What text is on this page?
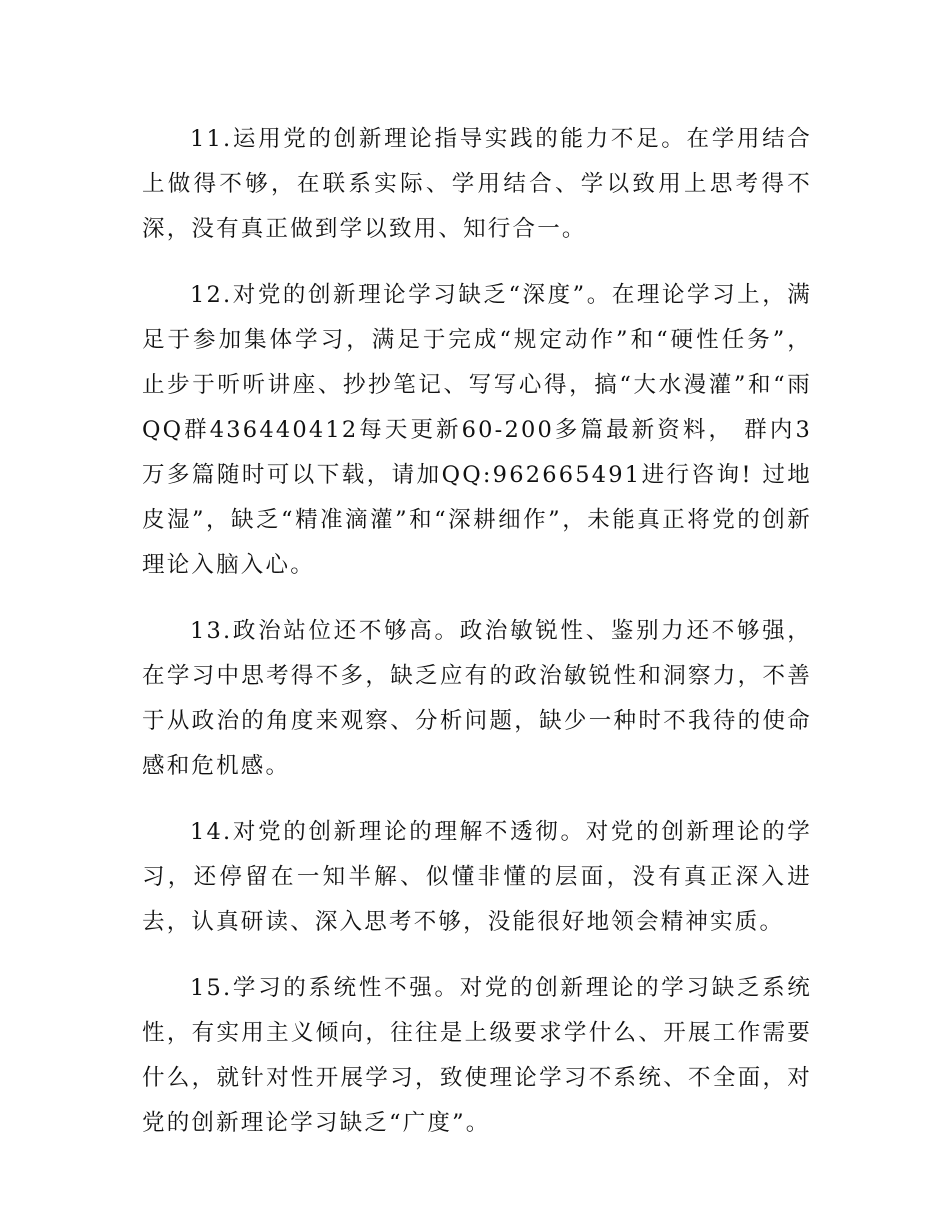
11.运用党的创新理论指导实践的能力不足。在学用结合上做得不够，在联系实际、学用结合、学以致用上思考得不深，没有真正做到学以致用、知行合一。

12.对党的创新理论学习缺乏“深度”。在理论学习上，满足于参加集体学习，满足于完成“规定动作”和“硬性任务”，止步于听听讲座、抄抄笔记、写写心得，搞“大水漫灌”和“雨QQ群436440412每天更新60-200多篇最新资料， 群内3万多篇随时可以下载，请加QQ:962665491进行咨询! 过地皮湿”，缺乏“精准滴灌”和“深耕细作”，未能真正将党的创新理论入脑入心。

13.政治站位还不够高。政治敏锐性、鉴别力还不够强，在学习中思考得不多，缺乏应有的政治敏锐性和洞察力，不善于从政治的角度来观察、分析问题，缺少一种时不我待的使命感和危机感。

14.对党的创新理论的理解不透彻。对党的创新理论的学习，还停留在一知半解、似懂非懂的层面，没有真正深入进去，认真研读、深入思考不够，没能很好地领会精神实质。

15.学习的系统性不强。对党的创新理论的学习缺乏系统性，有实用主义倾向，往往是上级要求学什么、开展工作需要什么，就针对性开展学习，致使理论学习不系统、不全面，对党的创新理论学习缺乏“广度”。
